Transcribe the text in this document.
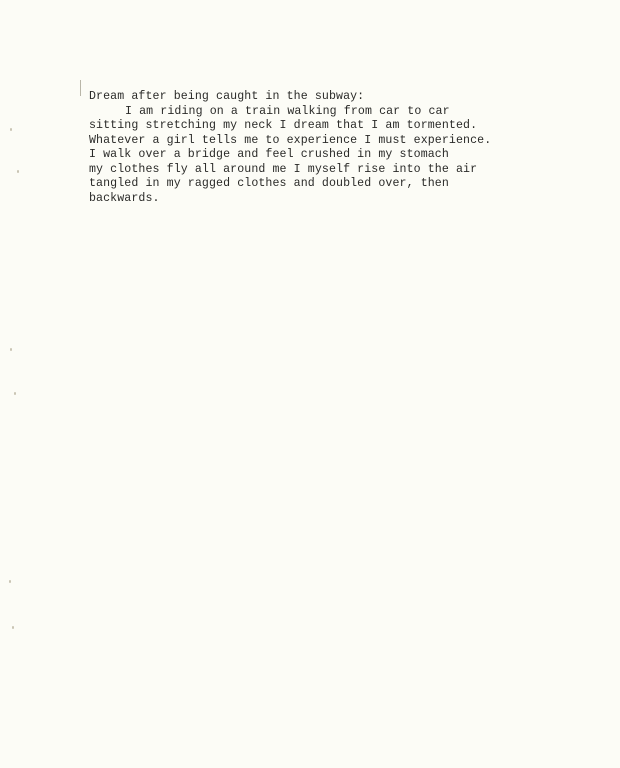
Dream after being caught in the subway:
I am riding on a train walking from car to car
sitting stretching my neck I dream that I am tormented.
Whatever a girl tells me to experience I must experience.
I walk over a bridge and feel crushed in my stomach
my clothes fly all around me I myself rise into the air
tangled in my ragged clothes and doubled over, then
backwards.
